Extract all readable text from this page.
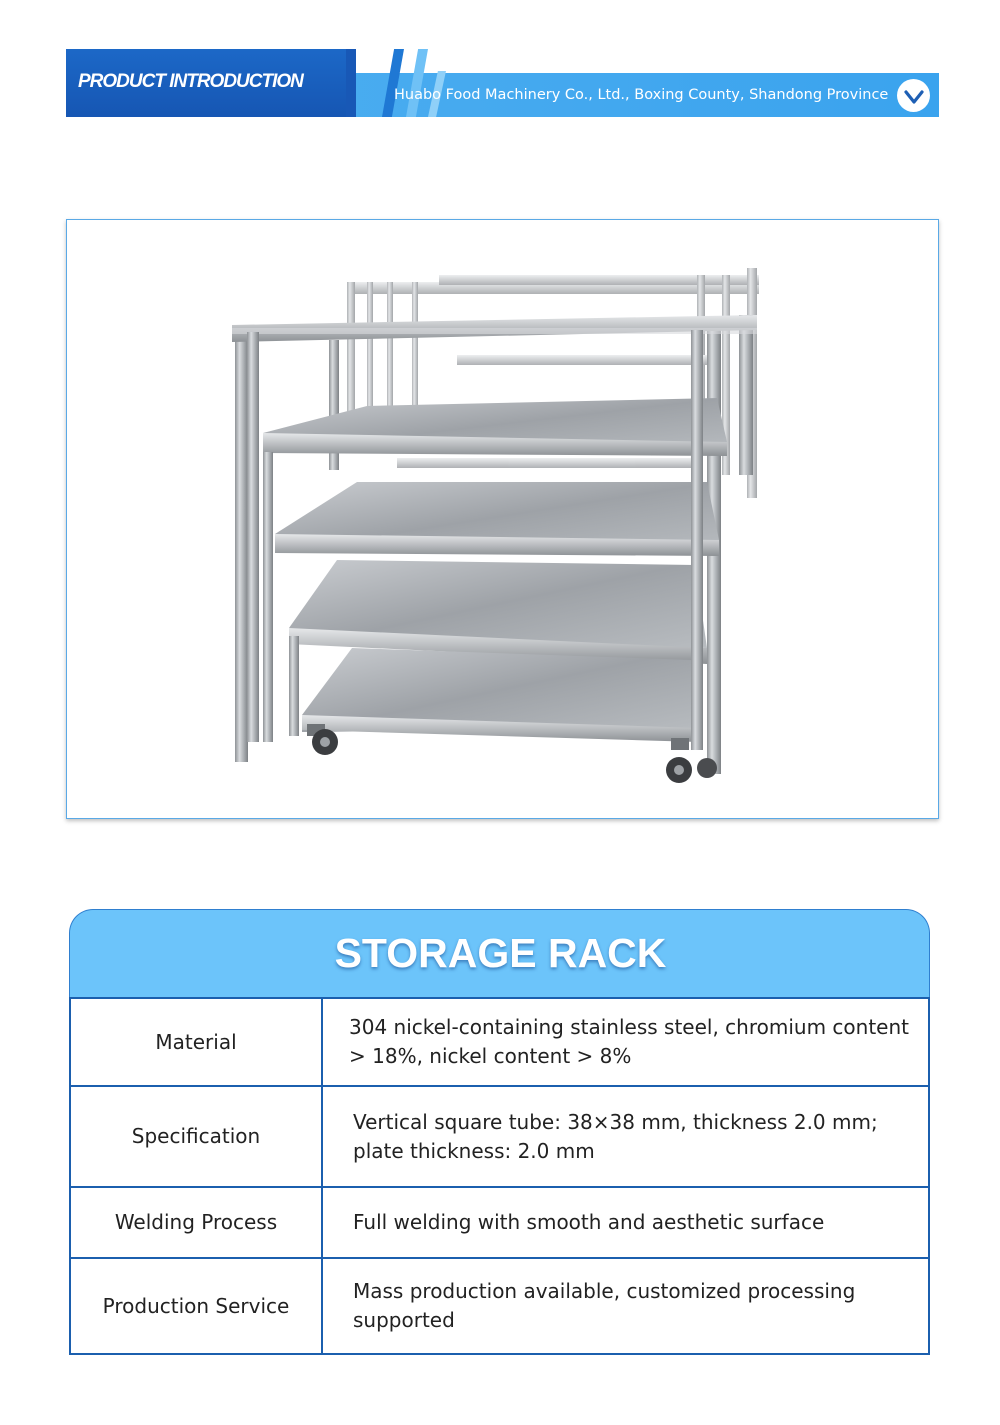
PRODUCT INTRODUCTION
Huabo Food Machinery Co., Ltd., Boxing County, Shandong Province
STORAGE RACK
Material	304 nickel-containing stainless steel, chromium content > 18%, nickel content > 8%
Specification	Vertical square tube: 38×38 mm, thickness 2.0 mm; plate thickness: 2.0 mm
Welding Process	Full welding with smooth and aesthetic surface
Production Service	Mass production available, customized processing supported
